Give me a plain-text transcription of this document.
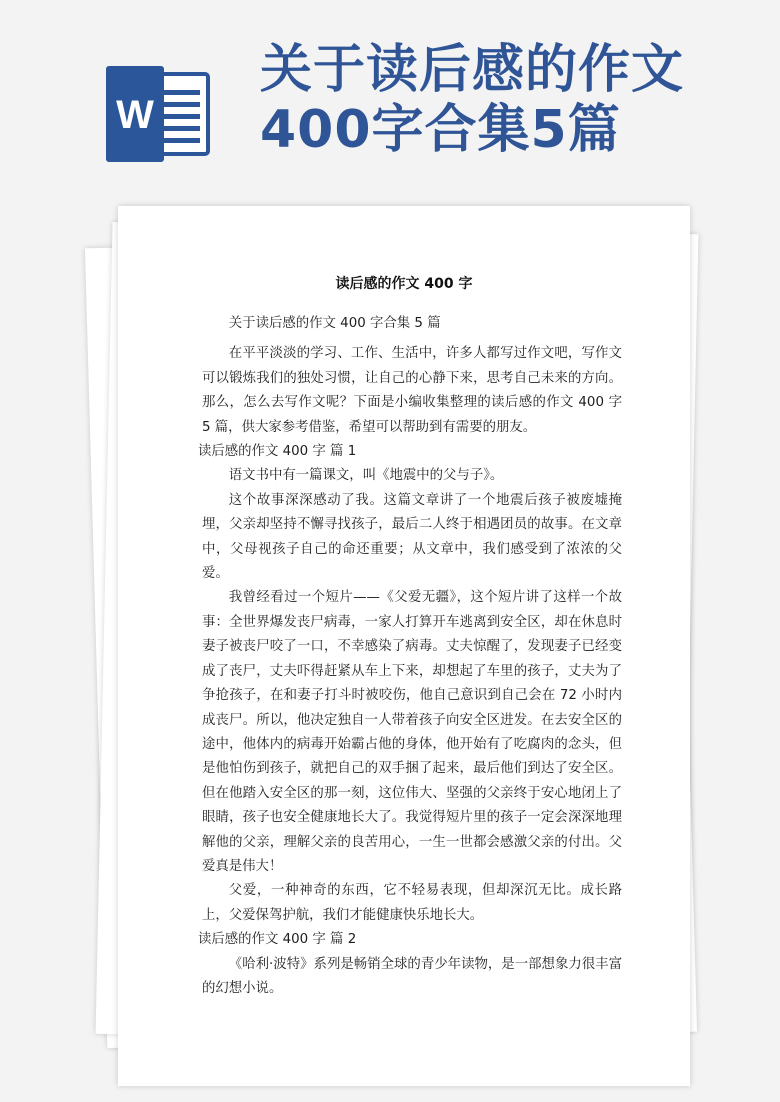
W
关于读后感的作文
400字合集5篇
读后感的作文 400 字

关于读后感的作文 400 字合集 5 篇

在平平淡淡的学习、工作、生活中，许多人都写过作文吧，写作文可以锻炼我们的独处习惯，让自己的心静下来，思考自己未来的方向。那么，怎么去写作文呢？下面是小编收集整理的读后感的作文 400 字 5 篇，供大家参考借鉴，希望可以帮助到有需要的朋友。

读后感的作文 400 字 篇 1

语文书中有一篇课文，叫《地震中的父与子》。

这个故事深深感动了我。这篇文章讲了一个地震后孩子被废墟掩埋，父亲却坚持不懈寻找孩子，最后二人终于相遇团员的故事。在文章中，父母视孩子自己的命还重要；从文章中，我们感受到了浓浓的父爱。

我曾经看过一个短片——《父爱无疆》，这个短片讲了这样一个故事：全世界爆发丧尸病毒，一家人打算开车逃离到安全区，却在休息时妻子被丧尸咬了一口，不幸感染了病毒。丈夫惊醒了，发现妻子已经变成了丧尸，丈夫吓得赶紧从车上下来，却想起了车里的孩子，丈夫为了争抢孩子，在和妻子打斗时被咬伤，他自己意识到自己会在 72 小时内成丧尸。所以，他决定独自一人带着孩子向安全区进发。在去安全区的途中，他体内的病毒开始霸占他的身体，他开始有了吃腐肉的念头，但是他怕伤到孩子，就把自己的双手捆了起来，最后他们到达了安全区。但在他踏入安全区的那一刻，这位伟大、坚强的父亲终于安心地闭上了眼睛，孩子也安全健康地长大了。我觉得短片里的孩子一定会深深地理解他的父亲，理解父亲的良苦用心，一生一世都会感激父亲的付出。父爱真是伟大！

父爱，一种神奇的东西，它不轻易表现，但却深沉无比。成长路上，父爱保驾护航，我们才能健康快乐地长大。

读后感的作文 400 字 篇 2

《哈利·波特》系列是畅销全球的青少年读物，是一部想象力很丰富的幻想小说。
